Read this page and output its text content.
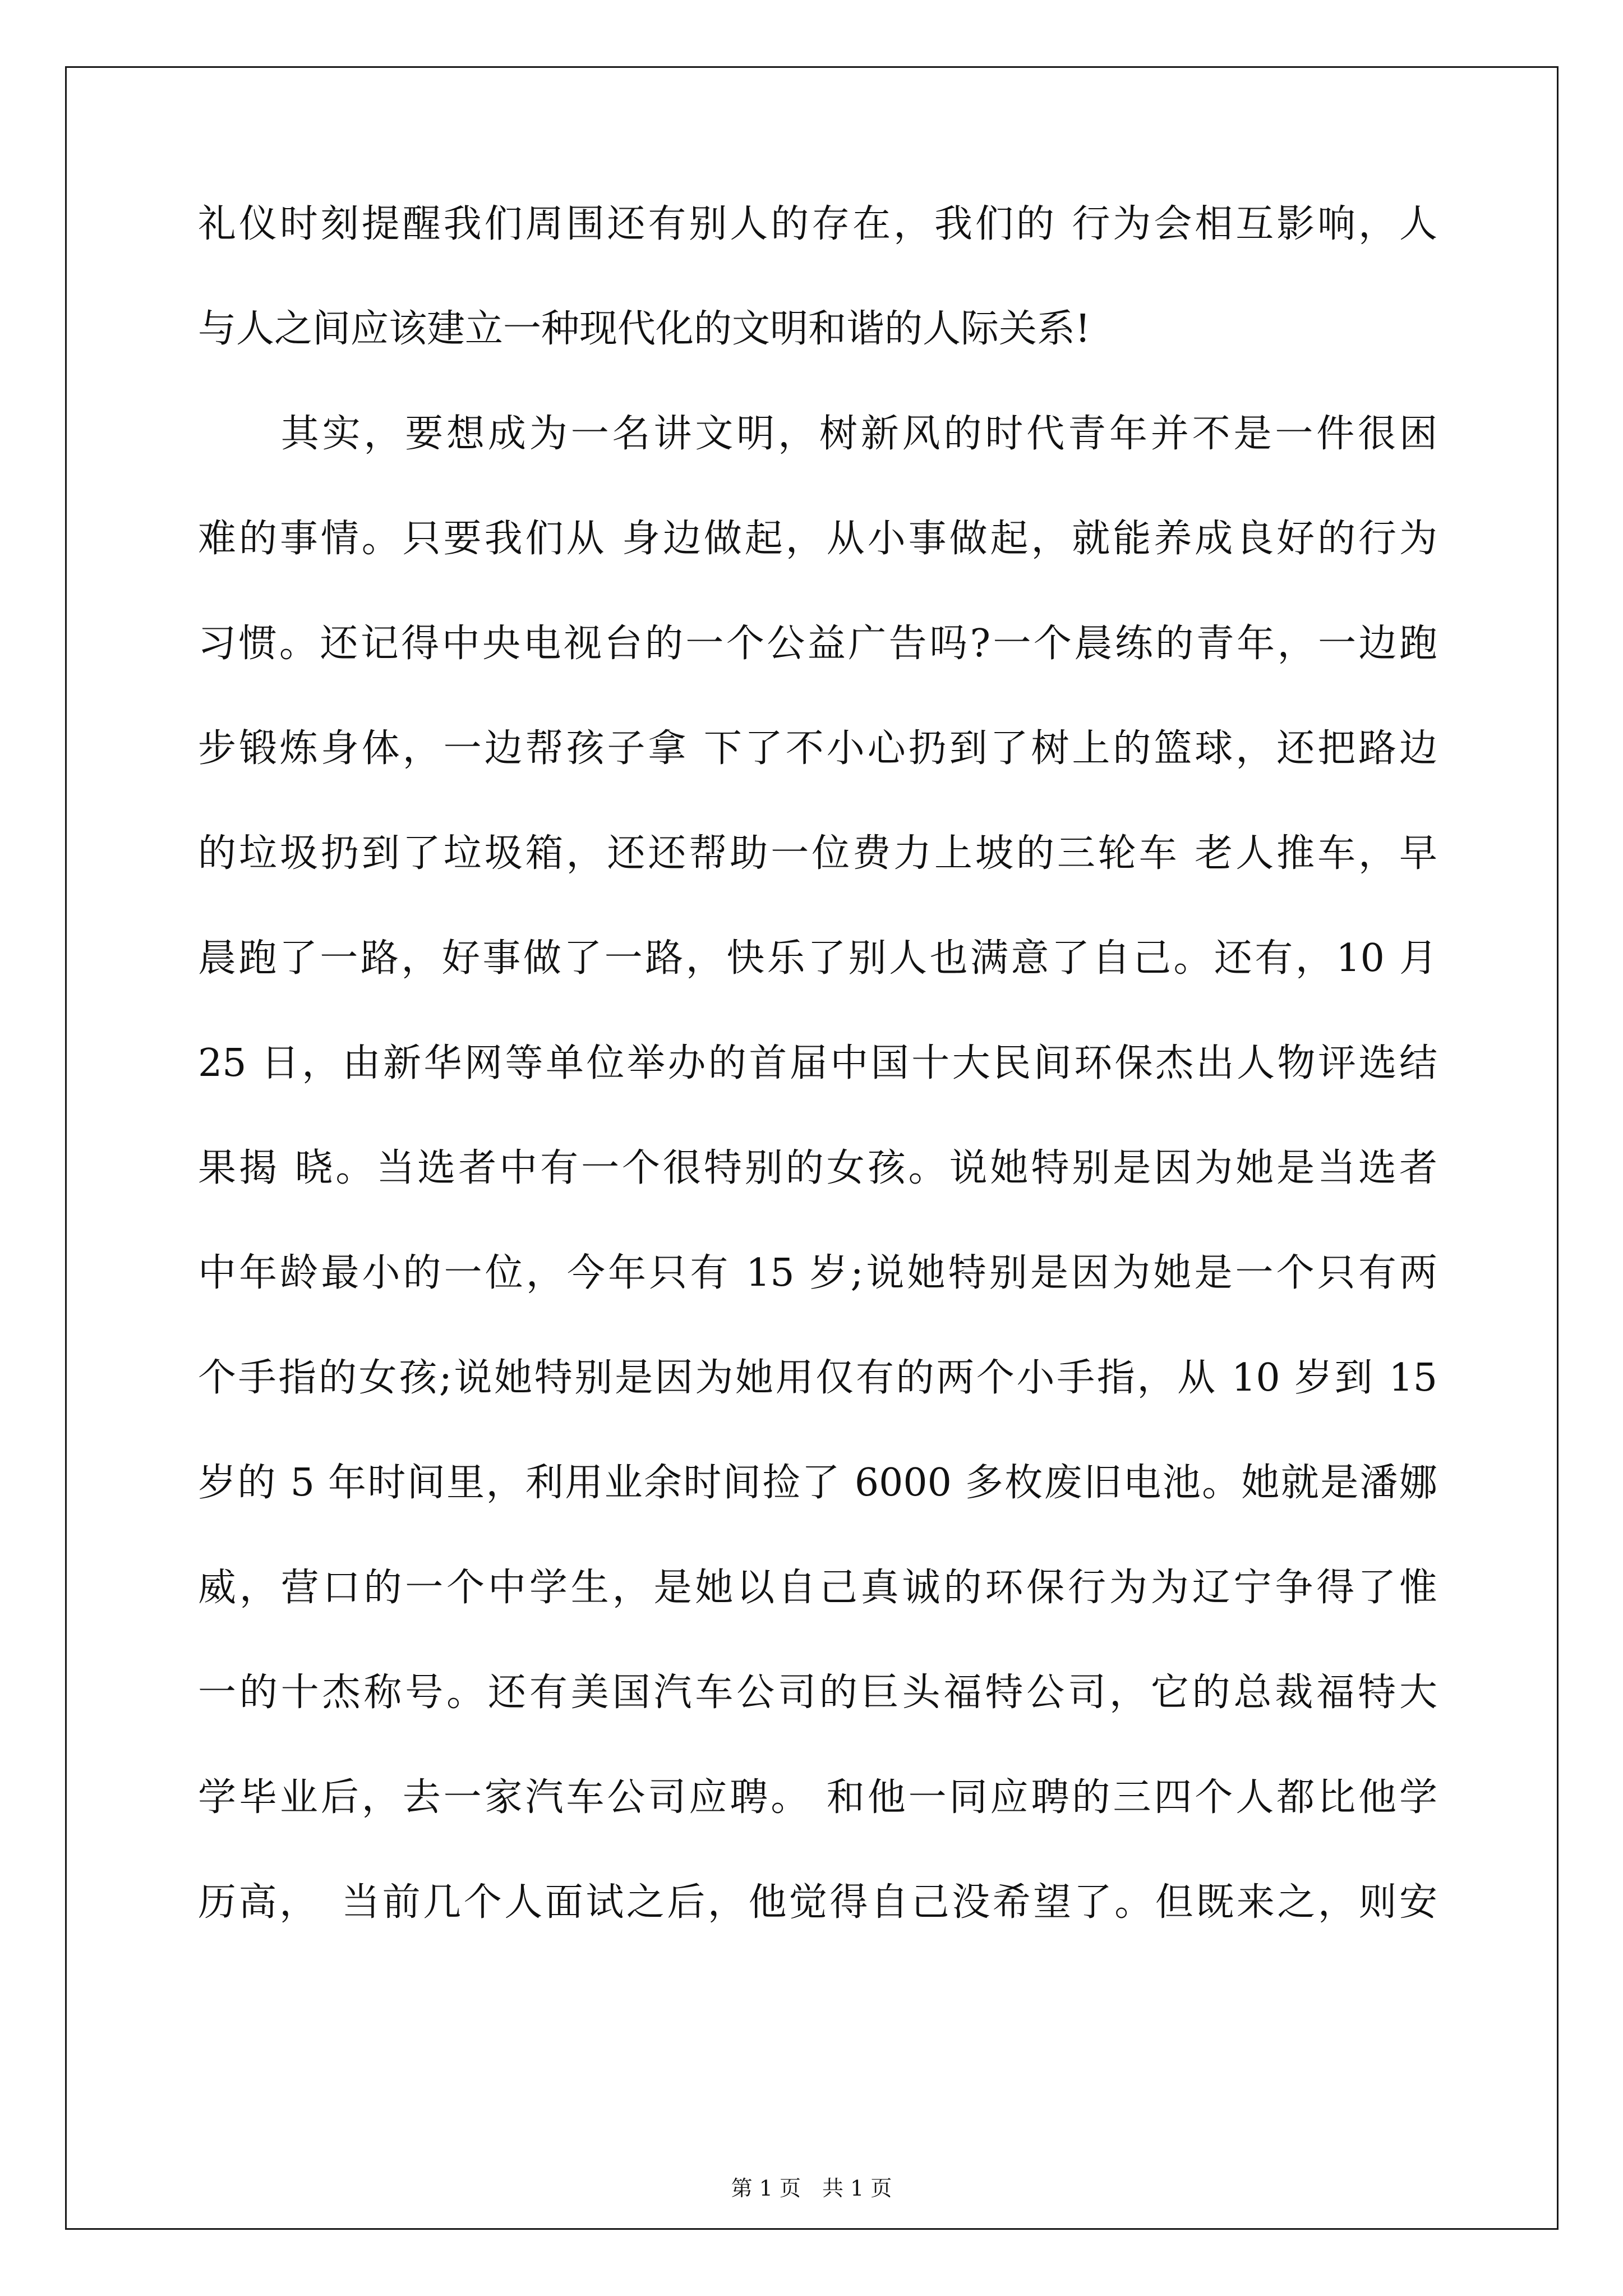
礼仪时刻提醒我们周围还有别人的存在，我们的 行为会相互影响，人
与人之间应该建立一种现代化的文明和谐的人际关系!
　　其实，要想成为一名讲文明，树新风的时代青年并不是一件很困
难的事情。只要我们从 身边做起，从小事做起，就能养成良好的行为
习惯。还记得中央电视台的一个公益广告吗?一个晨练的青年，一边跑
步锻炼身体，一边帮孩子拿 下了不小心扔到了树上的篮球，还把路边
的垃圾扔到了垃圾箱，还还帮助一位费力上坡的三轮车 老人推车，早
晨跑了一路，好事做了一路，快乐了别人也满意了自己。还有，10 月
25 日，由新华网等单位举办的首届中国十大民间环保杰出人物评选结
果揭 晓。当选者中有一个很特别的女孩。说她特别是因为她是当选者
中年龄最小的一位，今年只有 15 岁;说她特别是因为她是一个只有两
个手指的女孩;说她特别是因为她用仅有的两个小手指，从 10 岁到 15
岁的 5 年时间里，利用业余时间捡了 6000 多枚废旧电池。她就是潘娜
威，营口的一个中学生，是她以自己真诚的环保行为为辽宁争得了惟
一的十杰称号。还有美国汽车公司的巨头福特公司，它的总裁福特大
学毕业后，去一家汽车公司应聘。 和他一同应聘的三四个人都比他学
历高，　当前几个人面试之后，他觉得自己没希望了。但既来之，则安
第 1 页　共 1 页
